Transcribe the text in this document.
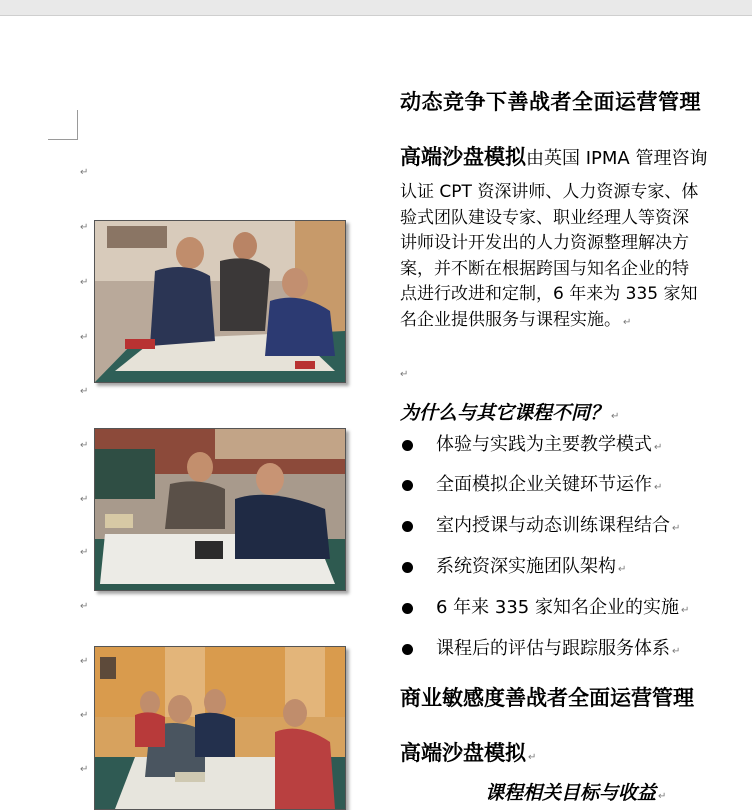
↵
↵
↵
↵
↵
↵
↵
↵
↵
↵
↵
↵
动态竞争下善战者全面运营管理
高端沙盘模拟由英国 IPMA 管理咨询
认证 CPT 资深讲师、人力资源专家、体
验式团队建设专家、职业经理人等资深
讲师设计开发出的人力资源整理解决方
案，并不断在根据跨国与知名企业的特
点进行改进和定制，6 年来为 335 家知
名企业提供服务与课程实施。 ↵
↵
为什么与其它课程不同？ ↵
体验与实践为主要教学模式 ↵
全面模拟企业关键环节运作 ↵
室内授课与动态训练课程结合 ↵
系统资深实施团队架构 ↵
6 年来 335 家知名企业的实施 ↵
课程后的评估与跟踪服务体系 ↵
商业敏感度善战者全面运营管理
高端沙盘模拟 ↵
课程相关目标与收益 ↵
